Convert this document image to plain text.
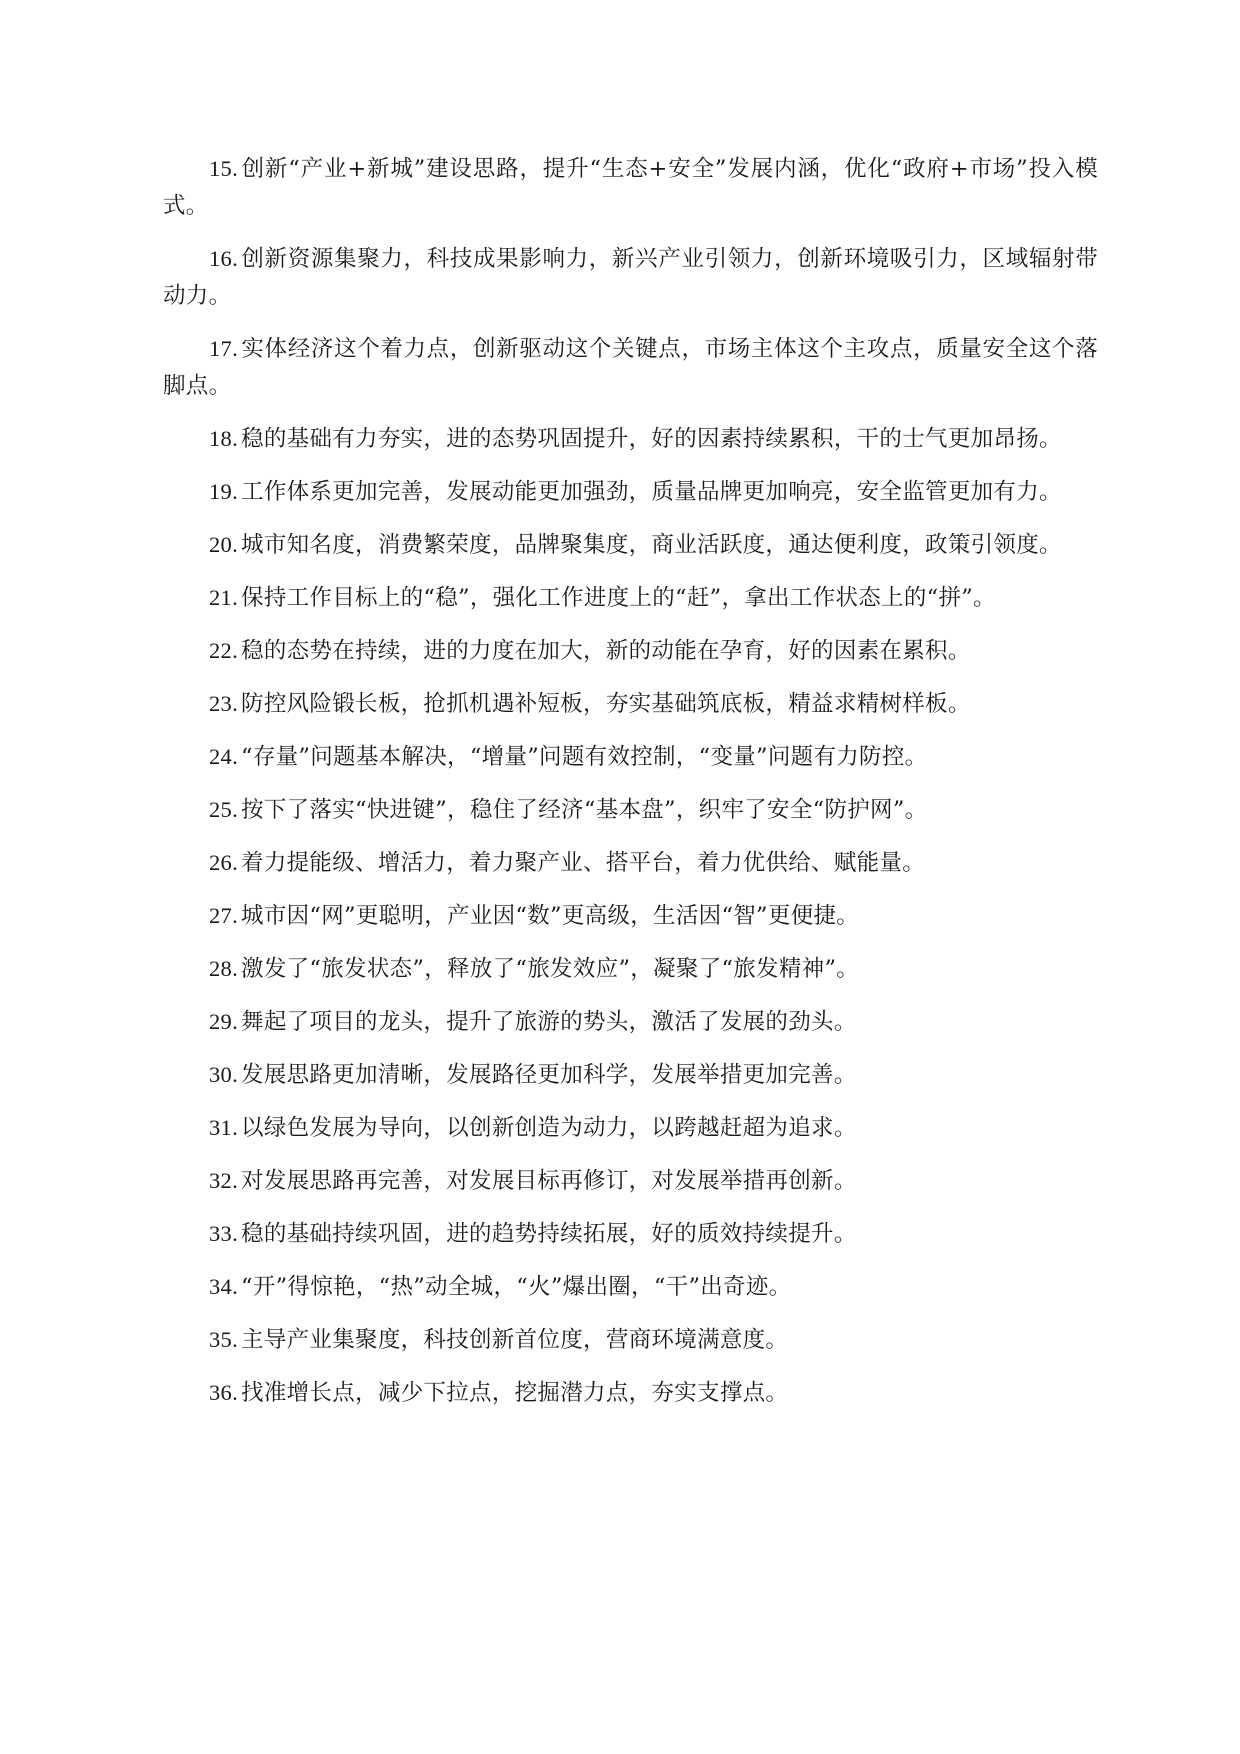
15. 创新“产业+新城”建设思路，提升“生态+安全”发展内涵，优化“政府+市场”投入模式。

16. 创新资源集聚力，科技成果影响力，新兴产业引领力，创新环境吸引力，区域辐射带动力。

17. 实体经济这个着力点，创新驱动这个关键点，市场主体这个主攻点，质量安全这个落脚点。

18. 稳的基础有力夯实，进的态势巩固提升，好的因素持续累积，干的士气更加昂扬。

19. 工作体系更加完善，发展动能更加强劲，质量品牌更加响亮，安全监管更加有力。

20. 城市知名度，消费繁荣度，品牌聚集度，商业活跃度，通达便利度，政策引领度。

21. 保持工作目标上的“稳”，强化工作进度上的“赶”，拿出工作状态上的“拼”。

22. 稳的态势在持续，进的力度在加大，新的动能在孕育，好的因素在累积。

23. 防控风险锻长板，抢抓机遇补短板，夯实基础筑底板，精益求精树样板。

24. “存量”问题基本解决，“增量”问题有效控制，“变量”问题有力防控。

25. 按下了落实“快进键”，稳住了经济“基本盘”，织牢了安全“防护网”。

26. 着力提能级、增活力，着力聚产业、搭平台，着力优供给、赋能量。

27. 城市因“网”更聪明，产业因“数”更高级，生活因“智”更便捷。

28. 激发了“旅发状态”，释放了“旅发效应”，凝聚了“旅发精神”。

29. 舞起了项目的龙头，提升了旅游的势头，激活了发展的劲头。

30. 发展思路更加清晰，发展路径更加科学，发展举措更加完善。

31. 以绿色发展为导向，以创新创造为动力，以跨越赶超为追求。

32. 对发展思路再完善，对发展目标再修订，对发展举措再创新。

33. 稳的基础持续巩固，进的趋势持续拓展，好的质效持续提升。

34. “开”得惊艳，“热”动全城，“火”爆出圈，“干”出奇迹。

35. 主导产业集聚度，科技创新首位度，营商环境满意度。

36. 找准增长点，减少下拉点，挖掘潜力点，夯实支撑点。
